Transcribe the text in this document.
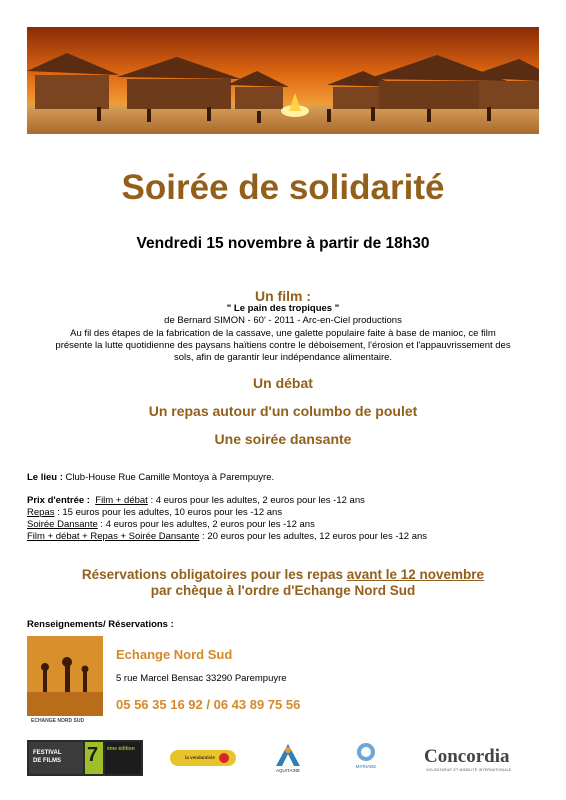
Soirée de solidarité
Vendredi 15 novembre à partir de 18h30
Un film :
" Le pain des tropiques "
de Bernard SIMON - 60' - 2011 - Arc-en-Ciel productions
Au fil des étapes de la fabrication de la cassave, une galette populaire faite à base de manioc, ce film
présente la lutte quotidienne des paysans haïtiens contre le déboisement, l'érosion et l'appauvrissement des
sols, afin de garantir leur indépendance alimentaire.
Un débat
Un repas autour d'un columbo de poulet
Une soirée dansante
Le lieu : Club-House Rue Camille Montoya à Parempuyre.
Prix d'entrée : Film + débat : 4 euros pour les adultes, 2 euros pour les -12 ans
Repas : 15 euros pour les adultes, 10 euros pour les -12 ans
Soirée Dansante : 4 euros pour les adultes, 2 euros pour les -12 ans
Film + débat + Repas + Soirée Dansante : 20 euros pour les adultes, 12 euros pour les -12 ans
Réservations obligatoires pour les repas avant le 12 novembre
par chèque à l'ordre d'Echange Nord Sud
Renseignements/ Réservations :
ECHANGE NORD SUD
Echange Nord Sud
5 rue Marcel Bensac 33290 Parempuyre
05 56 35 16 92 / 06 43 89 75 56
FESTIVAL
DE FILMS 7 ème édition
la vendanticle
AQUITAINE
MYRIADE	Concordia
VOLONTARIAT ET MOBILITÉ INTERNATIONALE
